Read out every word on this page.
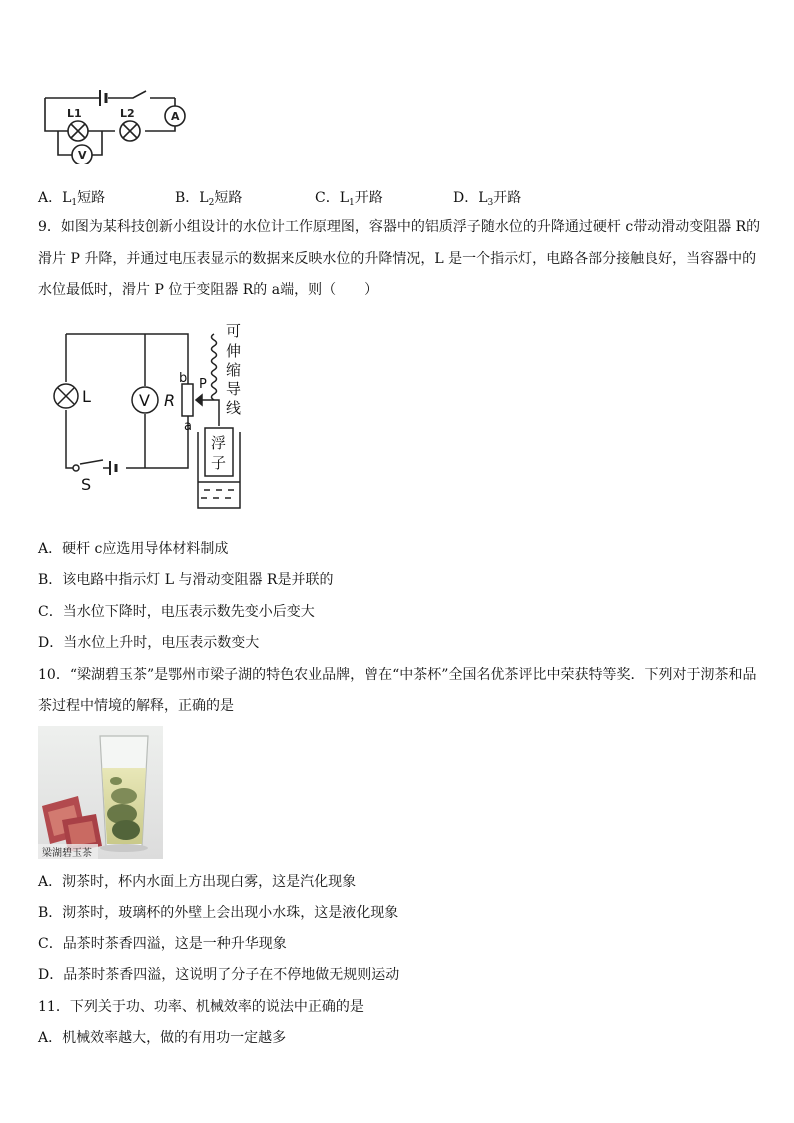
L1	L2	A
V
A．$L_1$短路	B．$L_2$短路	C．$L_1$开路	D．$L_3$开路
9．如图为某科技创新小组设计的水位计工作原理图，容器中的铝质浮子随水位的升降通过硬杆 c带动滑动变阻器 R的
滑片 P 升降，并通过电压表显示的数据来反映水位的升降情况，L 是一个指示灯，电路各部分接触良好，当容器中的
水位最低时，滑片 P 位于变阻器 R的 a端，则（　　）
L	V R
S
b
a
P
可
伸
缩
导
线
浮
子
A．硬杆 c应选用导体材料制成
B．该电路中指示灯 L 与滑动变阻器 R是并联的
C．当水位下降时，电压表示数先变小后变大
D．当水位上升时，电压表示数变大
10．“梁湖碧玉茶”是鄂州市梁子湖的特色农业品牌，曾在“中茶杯”全国名优茶评比中荣获特等奖．下列对于沏茶和品
茶过程中情境的解释，正确的是
梁湖碧玉茶
A．沏茶时，杯内水面上方出现白雾，这是汽化现象
B．沏茶时，玻璃杯的外壁上会出现小水珠，这是液化现象
C．品茶时茶香四溢，这是一种升华现象
D．品茶时茶香四溢，这说明了分子在不停地做无规则运动
11．下列关于功、功率、机械效率的说法中正确的是
A．机械效率越大，做的有用功一定越多
